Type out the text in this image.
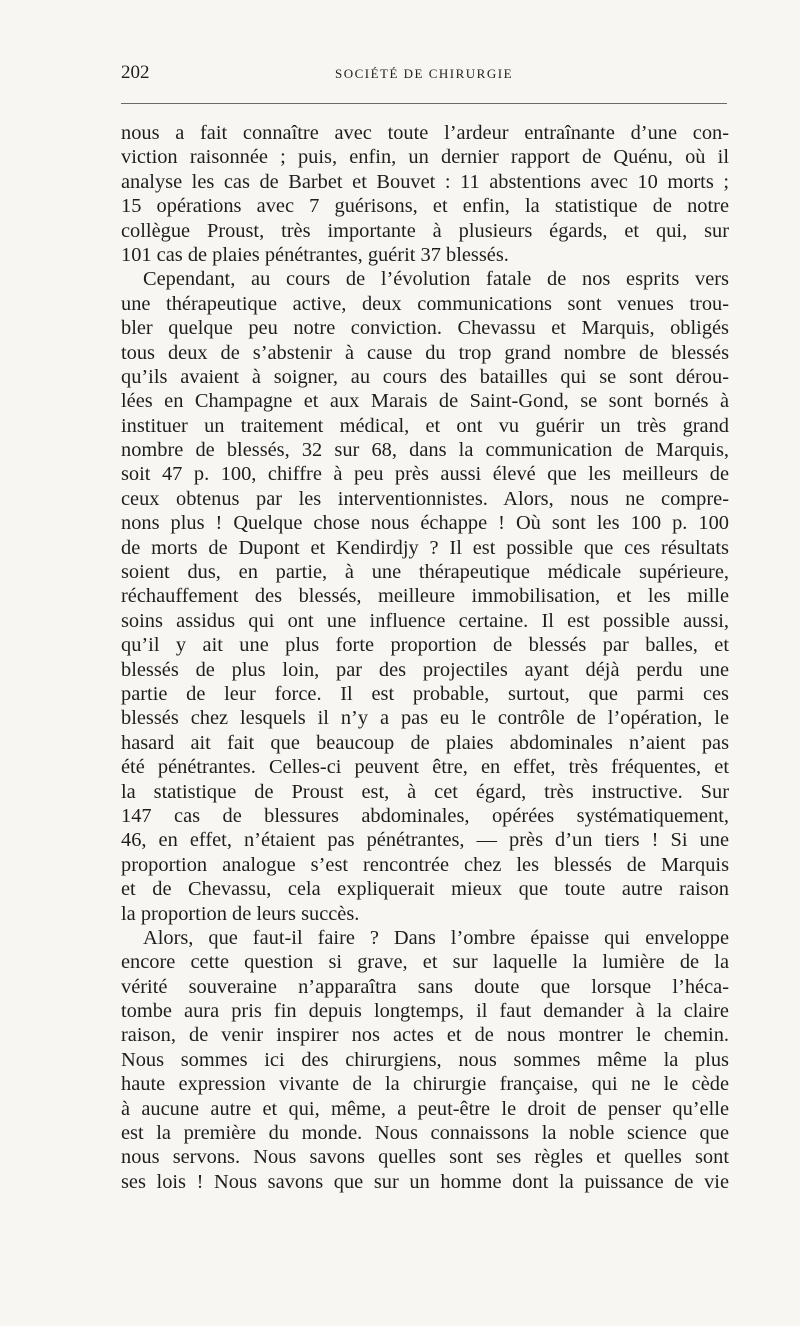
202	SOCIÉTÉ DE CHIRURGIE
nous a fait connaître avec toute l’ardeur entraînante d’une con-
viction raisonnée ; puis, enfin, un dernier rapport de Quénu, où il
analyse les cas de Barbet et Bouvet : 11 abstentions avec 10 morts ;
15 opérations avec 7 guérisons, et enfin, la statistique de notre
collègue Proust, très importante à plusieurs égards, et qui, sur
101 cas de plaies pénétrantes, guérit 37 blessés.
Cependant, au cours de l’évolution fatale de nos esprits vers
une thérapeutique active, deux communications sont venues trou-
bler quelque peu notre conviction. Chevassu et Marquis, obligés
tous deux de s’abstenir à cause du trop grand nombre de blessés
qu’ils avaient à soigner, au cours des batailles qui se sont dérou-
lées en Champagne et aux Marais de Saint-Gond, se sont bornés à
instituer un traitement médical, et ont vu guérir un très grand
nombre de blessés, 32 sur 68, dans la communication de Marquis,
soit 47 p. 100, chiffre à peu près aussi élevé que les meilleurs de
ceux obtenus par les interventionnistes. Alors, nous ne compre-
nons plus ! Quelque chose nous échappe ! Où sont les 100 p. 100
de morts de Dupont et Kendirdjy ? Il est possible que ces résultats
soient dus, en partie, à une thérapeutique médicale supérieure,
réchauffement des blessés, meilleure immobilisation, et les mille
soins assidus qui ont une influence certaine. Il est possible aussi,
qu’il y ait une plus forte proportion de blessés par balles, et
blessés de plus loin, par des projectiles ayant déjà perdu une
partie de leur force. Il est probable, surtout, que parmi ces
blessés chez lesquels il n’y a pas eu le contrôle de l’opération, le
hasard ait fait que beaucoup de plaies abdominales n’aient pas
été pénétrantes. Celles-ci peuvent être, en effet, très fréquentes, et
la statistique de Proust est, à cet égard, très instructive. Sur
147 cas de blessures abdominales, opérées systématiquement,
46, en effet, n’étaient pas pénétrantes, — près d’un tiers ! Si une
proportion analogue s’est rencontrée chez les blessés de Marquis
et de Chevassu, cela expliquerait mieux que toute autre raison
la proportion de leurs succès.
Alors, que faut-il faire ? Dans l’ombre épaisse qui enveloppe
encore cette question si grave, et sur laquelle la lumière de la
vérité souveraine n’apparaîtra sans doute que lorsque l’héca-
tombe aura pris fin depuis longtemps, il faut demander à la claire
raison, de venir inspirer nos actes et de nous montrer le chemin.
Nous sommes ici des chirurgiens, nous sommes même la plus
haute expression vivante de la chirurgie française, qui ne le cède
à aucune autre et qui, même, a peut-être le droit de penser qu’elle
est la première du monde. Nous connaissons la noble science que
nous servons. Nous savons quelles sont ses règles et quelles sont
ses lois ! Nous savons que sur un homme dont la puissance de vie
